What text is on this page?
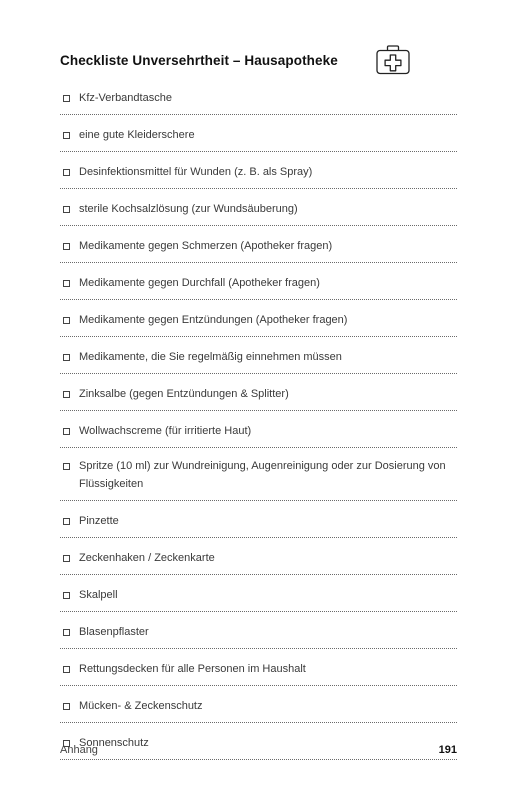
Checkliste Unversehrtheit – Hausapotheke
Kfz-Verbandtasche
eine gute Kleiderschere
Desinfektionsmittel für Wunden (z. B. als Spray)
sterile Kochsalzlösung (zur Wundsäuberung)
Medikamente gegen Schmerzen (Apotheker fragen)
Medikamente gegen Durchfall (Apotheker fragen)
Medikamente gegen Entzündungen (Apotheker fragen)
Medikamente, die Sie regelmäßig einnehmen müssen
Zinksalbe (gegen Entzündungen & Splitter)
Wollwachscreme (für irritierte Haut)
Spritze (10 ml) zur Wundreinigung, Augenreinigung oder zur Dosierung von Flüssigkeiten
Pinzette
Zeckenhaken / Zeckenkarte
Skalpell
Blasenpflaster
Rettungsdecken für alle Personen im Haushalt
Mücken- & Zeckenschutz
Sonnenschutz
Anhang	191
